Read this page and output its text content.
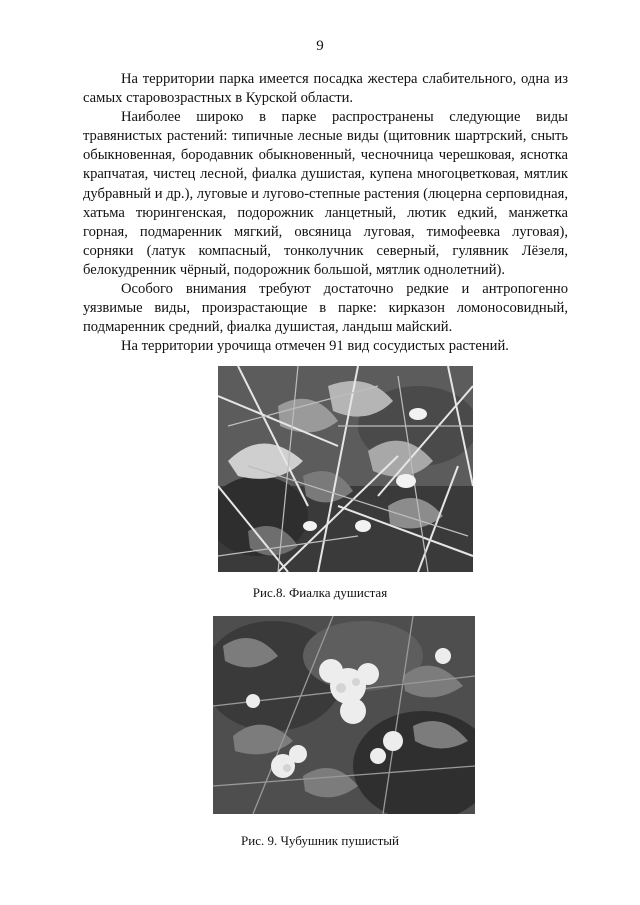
9

На территории парка имеется посадка жестера слабительного, одна из самых старовозрастных в Курской области.

Наиболее широко в парке распространены следующие виды травянистых растений: типичные лесные виды (щитовник шартрский, сныть обыкновенная, бородавник обыкновенный, чесночница черешковая, яснотка крапчатая, чистец лесной, фиалка душистая, купена многоцветковая, мятлик дубравный и др.), луговые и лугово-степные растения (люцерна серповидная, хатьма тюрингенская, подорожник ланцетный, лютик едкий, манжетка горная, подмаренник мягкий, овсяница луговая, тимофеевка луговая), сорняки (латук компасный, тонколучник северный, гулявник Лёзеля, белокудренник чёрный, подорожник большой, мятлик однолетний).

Особого внимания требуют достаточно редкие и антропогенно уязвимые виды, произрастающие в парке: кирказон ломоносовидный, подмаренник средний, фиалка душистая, ландыш майский.

На территории урочища отмечен 91 вид сосудистых растений.

Рис.8. Фиалка душистая
Рис. 9. Чубушник пушистый
